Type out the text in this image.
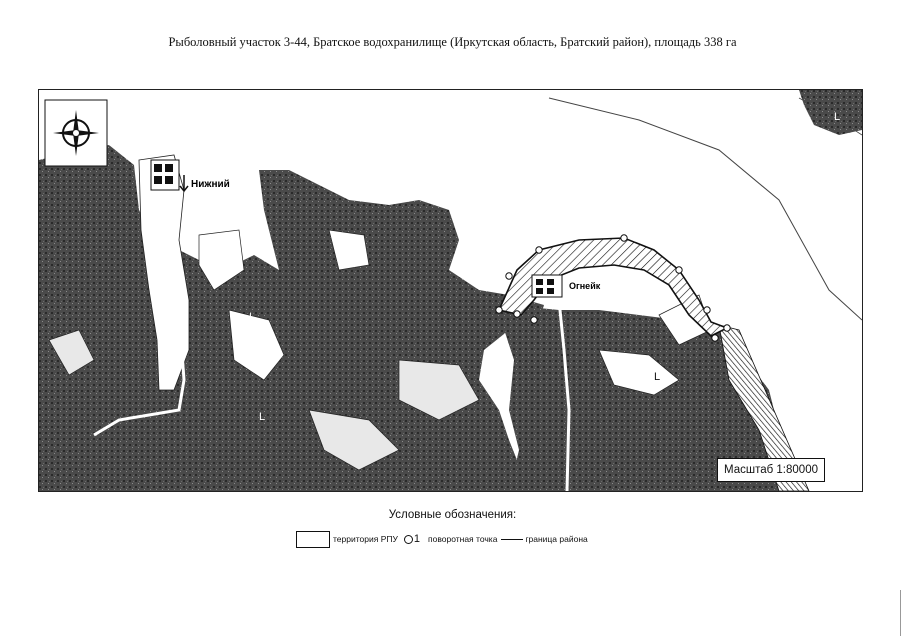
Рыболовный участок 3-44, Братское водохранилище (Иркутская область, Братский район), площадь 338 га
Нижний
Огнейк
L
L
L
L
L
Масштаб 1:80000
Условные обозначения:
территория РПУ 1 поворотная точка	граница района
